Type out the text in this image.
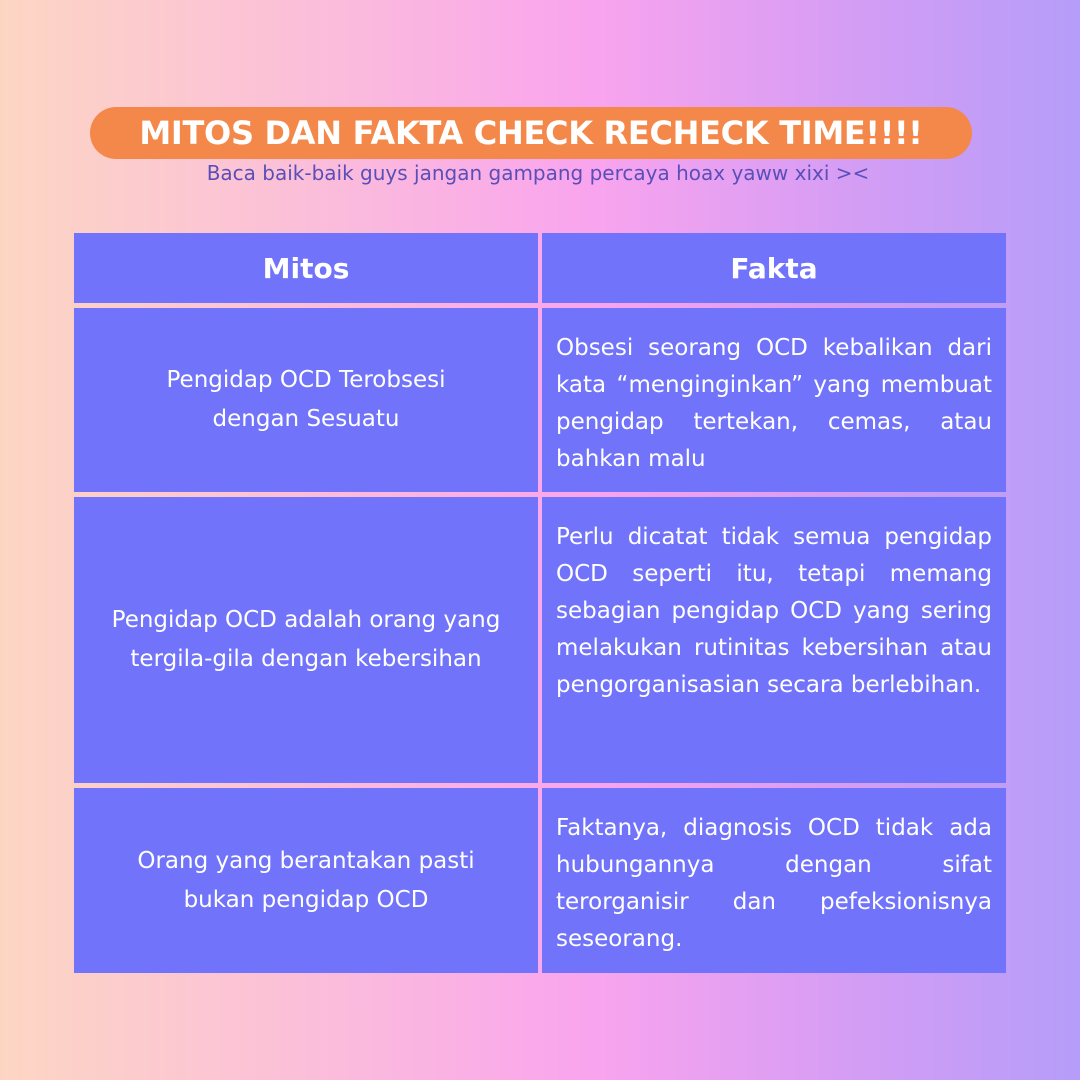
MITOS DAN FAKTA CHECK RECHECK TIME!!!!
Baca baik-baik guys jangan gampang percaya hoax yaww xixi ><
Mitos	Fakta
Pengidap OCD Terobsesi dengan Sesuatu
Obsesi seorang OCD kebalikan dari kata “menginginkan” yang membuat pengidap tertekan, cemas, atau bahkan malu
Pengidap OCD adalah orang yang tergila-gila dengan kebersihan
Perlu dicatat tidak semua pengidap OCD seperti itu, tetapi memang sebagian pengidap OCD yang sering melakukan rutinitas kebersihan atau pengorganisasian secara berlebihan.
Orang yang berantakan pasti bukan pengidap OCD
Faktanya, diagnosis OCD tidak ada hubungannya dengan sifat terorganisir dan pefeksionisnya seseorang.
